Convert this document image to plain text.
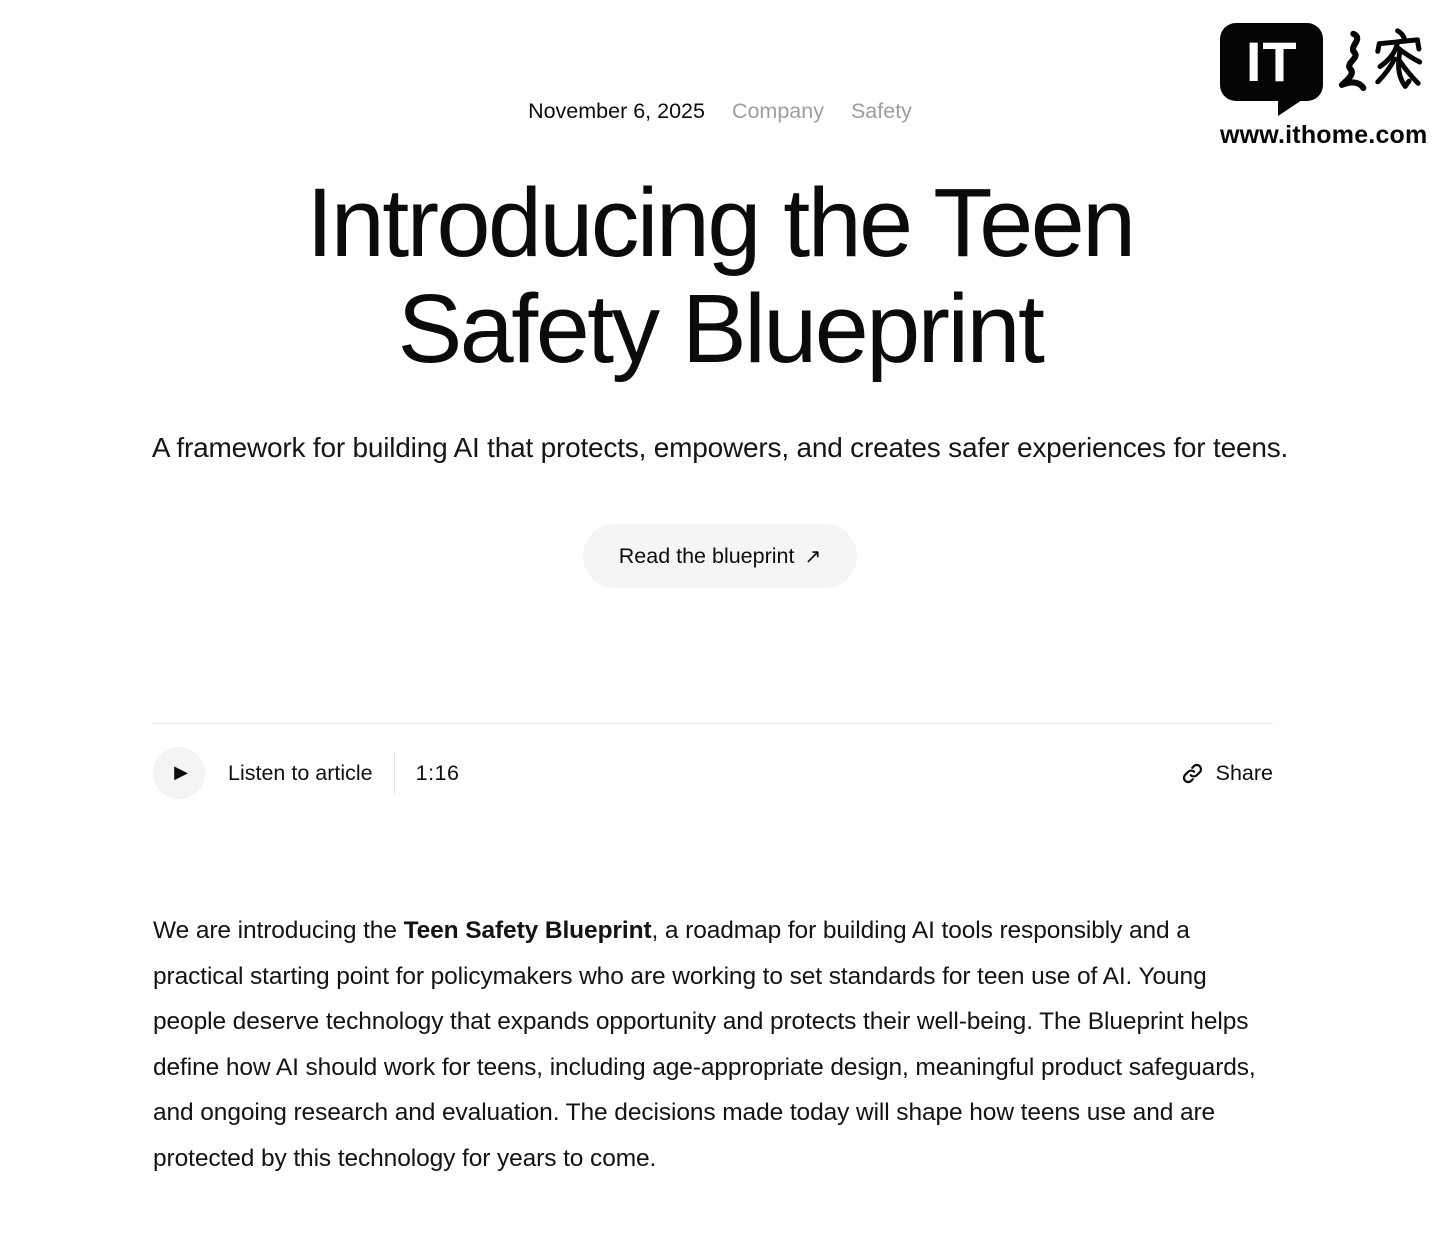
IT
www.ithome.com
November 6, 2025 Company Safety
Introducing the Teen
Safety Blueprint

A framework for building AI that protects, empowers, and creates safer experiences for teens.

Read the blueprint ↗
▶ Listen to article 1:16	Share

We are introducing the Teen Safety Blueprint, a roadmap for building AI tools responsibly and a practical starting point for policymakers who are working to set standards for teen use of AI. Young people deserve technology that expands opportunity and protects their well-being. The Blueprint helps define how AI should work for teens, including age-appropriate design, meaningful product safeguards, and ongoing research and evaluation. The decisions made today will shape how teens use and are protected by this technology for years to come.
